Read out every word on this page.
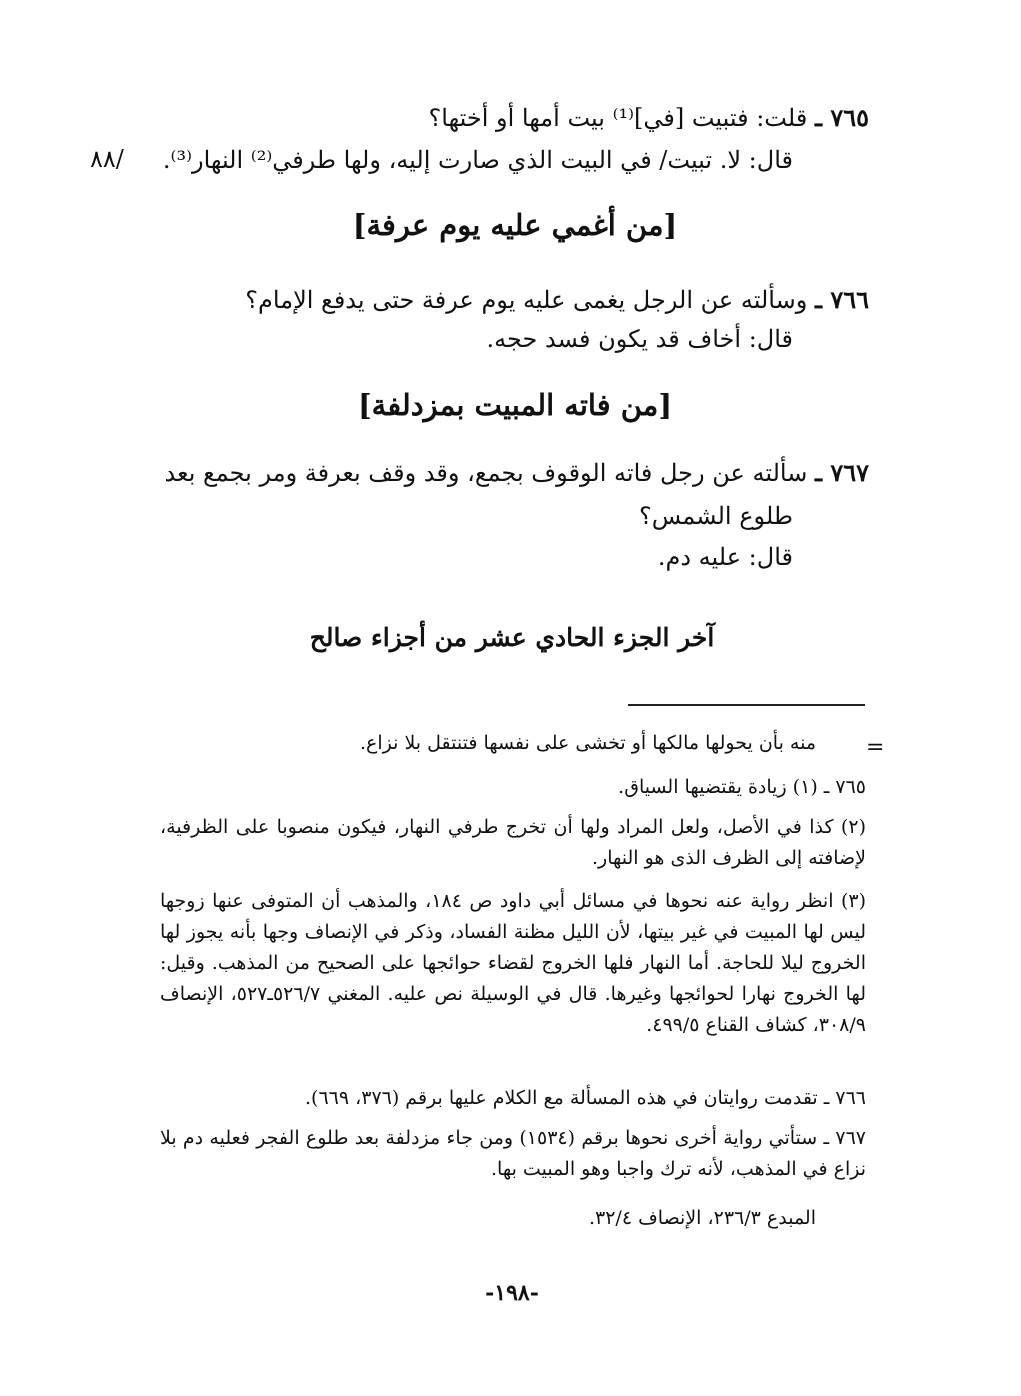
٧٦٥ ـ قلت: فتبيت [في]⁽¹⁾ بيت أمها أو أختها؟
قال: لا. تبيت/ في البيت الذي صارت إليه، ولها طرفي⁽²⁾ النهار⁽³⁾.
٨٨/
[من أغمي عليه يوم عرفة]
٧٦٦ ـ وسألته عن الرجل يغمى عليه يوم عرفة حتى يدفع الإمام؟
قال: أخاف قد يكون فسد حجه.
[من فاته المبيت بمزدلفة]
٧٦٧ ـ سألته عن رجل فاته الوقوف بجمع، وقد وقف بعرفة ومر بجمع بعد
طلوع الشمس؟
قال: عليه دم.
آخر الجزء الحادي عشر من أجزاء صالح
=
منه بأن يحولها مالكها أو تخشى على نفسها فتنتقل بلا نزاع.
٧٦٥ ـ (١) زيادة يقتضيها السياق.
(٢) كذا في الأصل، ولعل المراد ولها أن تخرج طرفي النهار، فيكون منصوبا على الظرفية، لإضافته إلى الظرف الذى هو النهار.
(٣) انظر رواية عنه نحوها في مسائل أبي داود ص ١٨٤، والمذهب أن المتوفى عنها زوجها ليس لها المبيت في غير بيتها، لأن الليل مظنة الفساد، وذكر في الإنصاف وجها بأنه يجوز لها الخروج ليلا للحاجة. أما النهار فلها الخروج لقضاء حوائجها على الصحيح من المذهب. وقيل: لها الخروج نهارا لحوائجها وغيرها. قال في الوسيلة نص عليه. المغني ٥٢٦/٧ـ٥٢٧، الإنصاف ٣٠٨/٩، كشاف القناع ٤٩٩/٥.
٧٦٦ ـ تقدمت روايتان في هذه المسألة مع الكلام عليها برقم (٣٧٦، ٦٦٩).
٧٦٧ ـ ستأتي رواية أخرى نحوها برقم (١٥٣٤) ومن جاء مزدلفة بعد طلوع الفجر فعليه دم بلا نزاع في المذهب، لأنه ترك واجبا وهو المبيت بها.
المبدع ٢٣٦/٣، الإنصاف ٣٢/٤.
-١٩٨-
